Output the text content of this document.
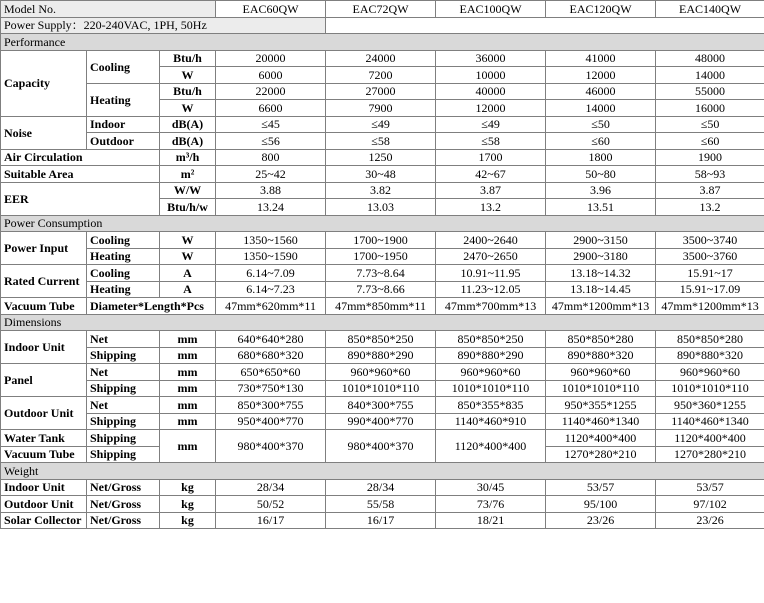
Model No.			EAC60QW	EAC72QW	EAC100QW	EAC120QW	EAC140QW
Power Supply：220-240VAC, 1PH, 50Hz							
Performance							
Capacity	Cooling	Btu/h	20000	24000	36000	41000	48000
		W	6000	7200	10000	12000	14000
	Heating	Btu/h	22000	27000	40000	46000	55000
		W	6600	7900	12000	14000	16000
Noise	Indoor	dB(A)	≤45	≤49	≤49	≤50	≤50
	Outdoor	dB(A)	≤56	≤58	≤58	≤60	≤60
Air Circulation		m³/h	800	1250	1700	1800	1900
Suitable Area		m²	25~42	30~48	42~67	50~80	58~93
EER		W/W	3.88	3.82	3.87	3.96	3.87
		Btu/h/w	13.24	13.03	13.2	13.51	13.2
Power Consumption							
Power Input	Cooling	W	1350~1560	1700~1900	2400~2640	2900~3150	3500~3740
	Heating	W	1350~1590	1700~1950	2470~2650	2900~3180	3500~3760
Rated Current	Cooling	A	6.14~7.09	7.73~8.64	10.91~11.95	13.18~14.32	15.91~17
	Heating	A	6.14~7.23	7.73~8.66	11.23~12.05	13.18~14.45	15.91~17.09
Vacuum Tube	Diameter*Length*Pcs		47mm*620mm*11	47mm*850mm*11	47mm*700mm*13	47mm*1200mm*13	47mm*1200mm*13
Dimensions							
Indoor Unit	Net	mm	640*640*280	850*850*250	850*850*250	850*850*280	850*850*280
	Shipping	mm	680*680*320	890*880*290	890*880*290	890*880*320	890*880*320
Panel	Net	mm	650*650*60	960*960*60	960*960*60	960*960*60	960*960*60
	Shipping	mm	730*750*130	1010*1010*110	1010*1010*110	1010*1010*110	1010*1010*110
Outdoor Unit	Net	mm	850*300*755	840*300*755	850*355*835	950*355*1255	950*360*1255
	Shipping	mm	950*400*770	990*400*770	1140*460*910	1140*460*1340	1140*460*1340
Water Tank	Shipping	mm	980*400*370	980*400*370	1120*400*400	1120*400*400	1120*400*400
Vacuum Tube	Shipping					1270*280*210	1270*280*210
Weight							
Indoor Unit	Net/Gross	kg	28/34	28/34	30/45	53/57	53/57
Outdoor Unit	Net/Gross	kg	50/52	55/58	73/76	95/100	97/102
Solar Collector	Net/Gross	kg	16/17	16/17	18/21	23/26	23/26
